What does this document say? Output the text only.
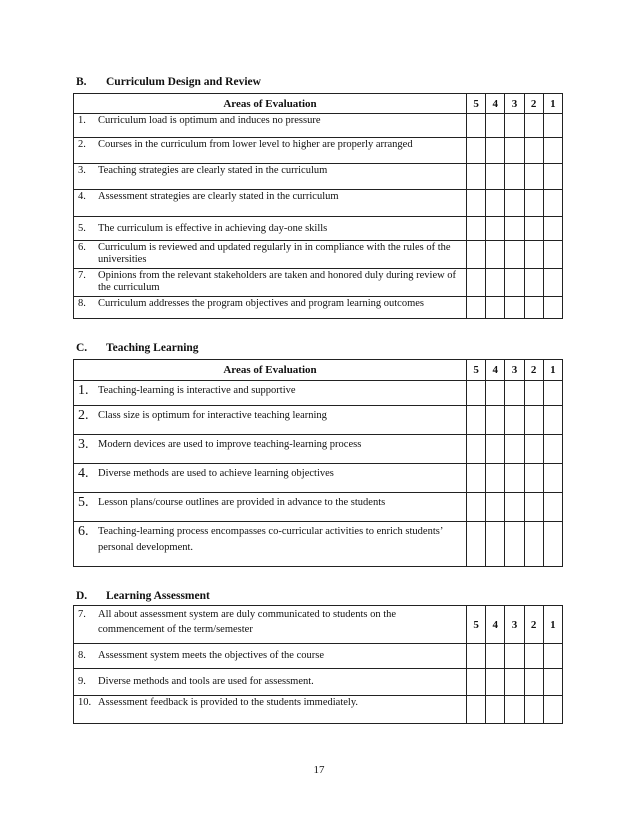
B. Curriculum Design and Review
Areas of Evaluation	5	4	3	2	1

1. Curriculum load is optimum and induces no pressure					

2. Courses in the curriculum from lower level to higher are properly arranged					

3. Teaching strategies are clearly stated in the curriculum					

4. Assessment strategies are clearly stated in the curriculum					

5. The curriculum is effective in achieving day-one skills					

6. Curriculum is reviewed and updated regularly in in compliance with the rules of the universities					

7. Opinions from the relevant stakeholders are taken and honored duly during review of the curriculum					

8. Curriculum addresses the program objectives and program learning outcomes					

C. Teaching Learning
Areas of Evaluation	5	4	3	2	1

1. Teaching-learning is interactive and supportive					

2. Class size is optimum for interactive teaching learning					

3. Modern devices are used to improve teaching-learning process					

4. Diverse methods are used to achieve learning objectives					

5. Lesson plans/course outlines are provided in advance to the students					

6. Teaching-learning process encompasses co-curricular activities to enrich students’ personal development.					

D. Learning Assessment
7. All about assessment system are duly communicated to students on the commencement of the term/semester	5	4	3	2	1

8. Assessment system meets the objectives of the course					

9. Diverse methods and tools are used for assessment.					

10. Assessment feedback is provided to the students immediately.					

17
